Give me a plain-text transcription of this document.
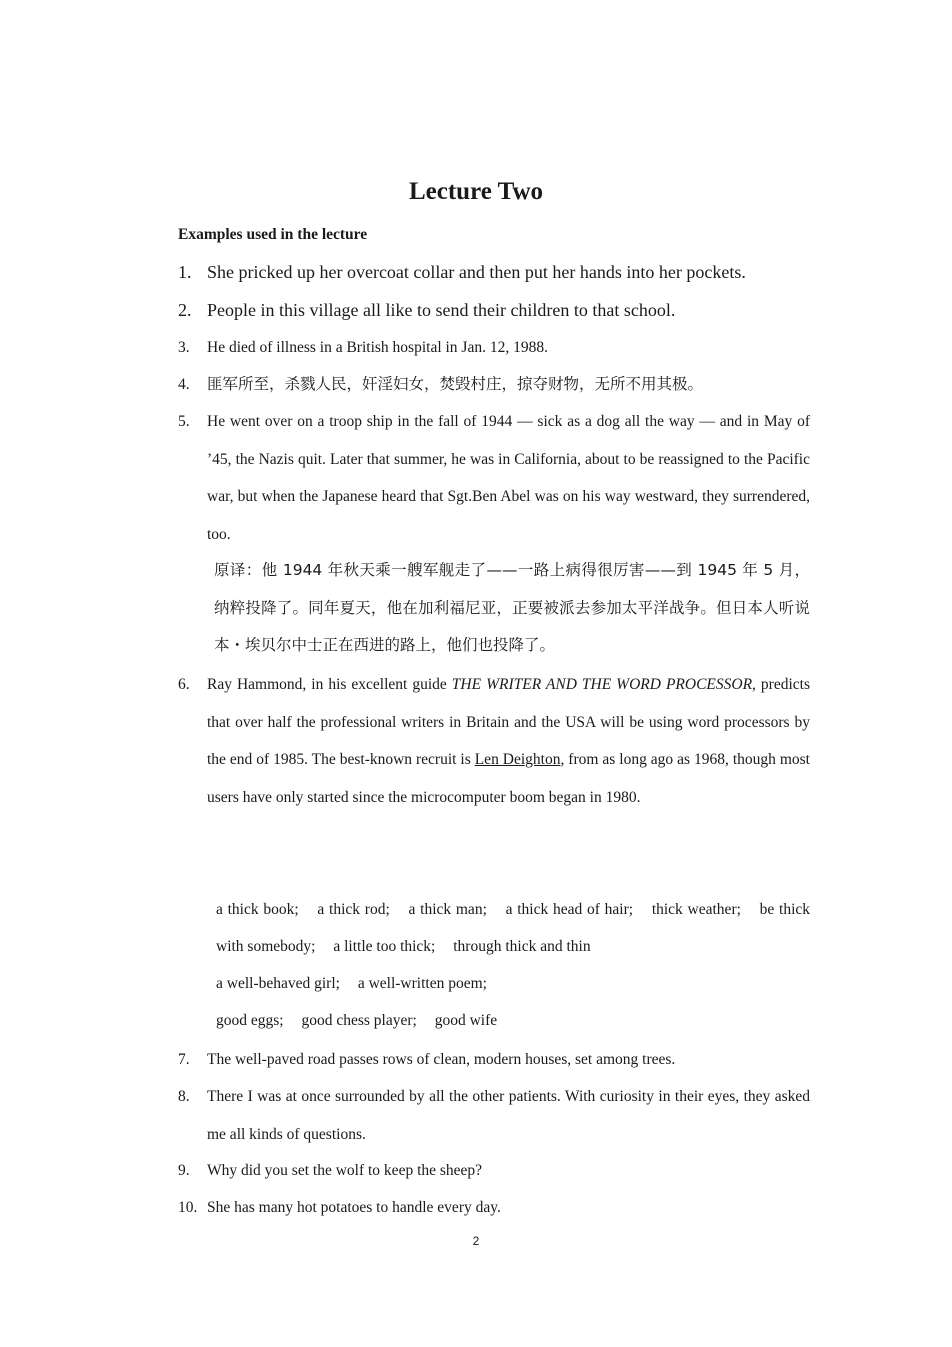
Lecture Two
Examples used in the lecture
1. She pricked up her overcoat collar and then put her hands into her pockets.
2. People in this village all like to send their children to that school.
3. He died of illness in a British hospital in Jan. 12, 1988.
4. 匪军所至，杀戮人民，奸淫妇女，焚毁村庄，掠夺财物，无所不用其极。
5. He went over on a troop ship in the fall of 1944 — sick as a dog all the way — and in May of ’45, the Nazis quit. Later that summer, he was in California, about to be reassigned to the Pacific war, but when the Japanese heard that Sgt.Ben Abel was on his way westward, they surrendered, too.
原译：他 1944 年秋天乘一艘军舰走了——一路上病得很厉害——到 1945 年 5 月，纳粹投降了。同年夏天，他在加利福尼亚，正要被派去参加太平洋战争。但日本人听说本・埃贝尔中士正在西进的路上，他们也投降了。
6. Ray Hammond, in his excellent guide THE WRITER AND THE WORD PROCESSOR, predicts that over half the professional writers in Britain and the USA will be using word processors by the end of 1985. The best-known recruit is Len Deighton, from as long ago as 1968, though most users have only started since the microcomputer boom began in 1980.
a thick book; a thick rod; a thick man; a thick head of hair; thick weather; be thick with somebody; a little too thick; through thick and thin
a well-behaved girl; a well-written poem;
good eggs; good chess player; good wife
7. The well-paved road passes rows of clean, modern houses, set among trees.
8. There I was at once surrounded by all the other patients. With curiosity in their eyes, they asked me all kinds of questions.
9. Why did you set the wolf to keep the sheep?
10. She has many hot potatoes to handle every day.
2
